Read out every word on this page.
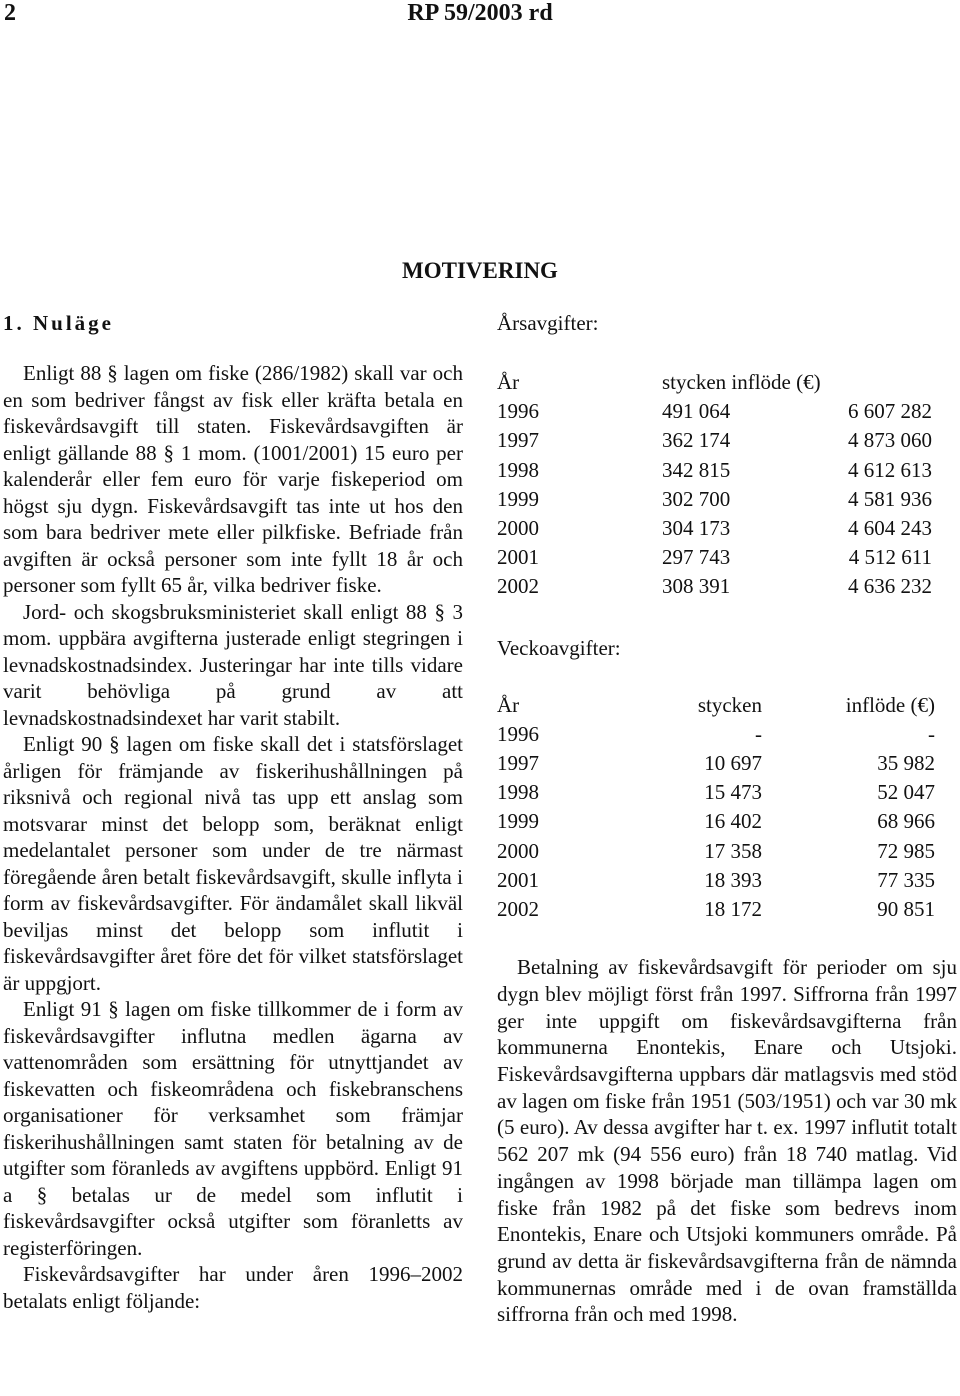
2	RP 59/2003 rd
MOTIVERING
1. Nuläge

Enligt 88 § lagen om fiske (286/1982) skall var och en som bedriver fångst av fisk eller kräfta betala en fiskevårdsavgift till staten. Fiskevårdsavgiften är enligt gällande 88 § 1 mom. (1001/2001) 15 euro per kalenderår eller fem euro för varje fiskeperiod om högst sju dygn. Fiskevårdsavgift tas inte ut hos den som bara bedriver mete eller pilkfiske. Befriade från avgiften är också personer som inte fyllt 18 år och personer som fyllt 65 år, vilka bedriver fiske.

Jord- och skogsbruksministeriet skall enligt 88 § 3 mom. uppbära avgifterna justerade enligt stegringen i levnadskostnadsindex. Justeringar har inte tills vidare varit behövliga på grund av att levnadskostnadsindexet har varit stabilt.

Enligt 90 § lagen om fiske skall det i statsförslaget årligen för främjande av fiskerihushållningen på riksnivå och regional nivå tas upp ett anslag som motsvarar minst det belopp som, beräknat enligt medelantalet personer som under de tre närmast föregående åren betalt fiskevårdsavgift, skulle inflyta i form av fiskevårdsavgifter. För ändamålet skall likväl beviljas minst det belopp som influtit i fiskevårdsavgifter året före det för vilket statsförslaget är uppgjort.

Enligt 91 § lagen om fiske tillkommer de i form av fiskevårdsavgifter influtna medlen ägarna av vattenområden som ersättning för utnyttjandet av fiskevatten och fiskeområdena och fiskebranschens organisationer för verksamhet som främjar fiskerihushållningen samt staten för betalning av de utgifter som föranleds av avgiftens uppbörd. Enligt 91 a § betalas ur de medel som influtit i fiskevårdsavgifter också utgifter som föranletts av registerföringen.

Fiskevårdsavgifter har under åren 1996–2002 betalats enligt följande:

Årsavgifter:
År	stycken inflöde (€)	
1996	491 064	6 607 282
1997	362 174	4 873 060
1998	342 815	4 612 613
1999	302 700	4 581 936
2000	304 173	4 604 243
2001	297 743	4 512 611
2002	308 391	4 636 232
Veckoavgifter:
År	stycken	inflöde (€)
1996	-	-
1997	10 697	35 982
1998	15 473	52 047
1999	16 402	68 966
2000	17 358	72 985
2001	18 393	77 335
2002	18 172	90 851

Betalning av fiskevårdsavgift för perioder om sju dygn blev möjligt först från 1997. Siffrorna från 1997 ger inte uppgift om fiskevårdsavgifterna från kommunerna Enontekis, Enare och Utsjoki. Fiskevårdsavgifterna uppbars där matlagsvis med stöd av lagen om fiske från 1951 (503/1951) och var 30 mk (5 euro). Av dessa avgifter har t. ex. 1997 influtit totalt 562 207 mk (94 556 euro) från 18 740 matlag. Vid ingången av 1998 började man tillämpa lagen om fiske från 1982 på det fiske som bedrevs inom Enontekis, Enare och Utsjoki kommuners område. På grund av detta är fiskevårdsavgifterna från de nämnda kommunernas område med i de ovan framställda siffrorna från och med 1998.
